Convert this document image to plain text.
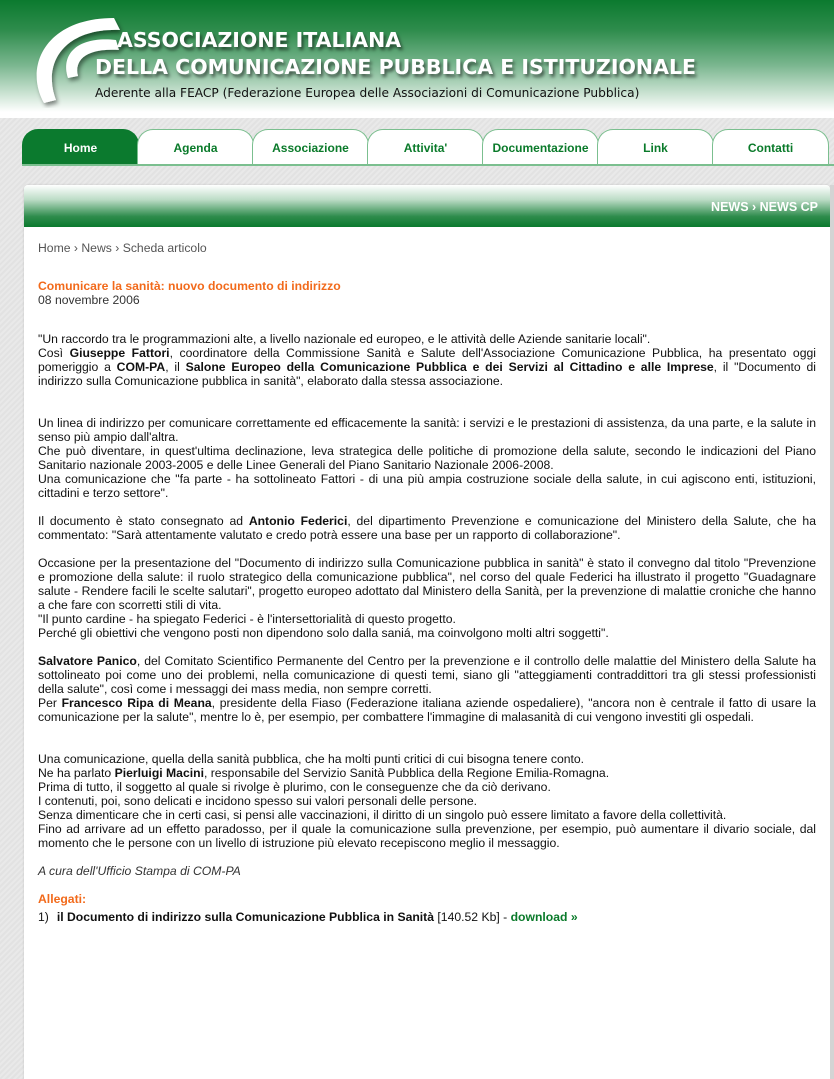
ASSOCIAZIONE ITALIANA
DELLA COMUNICAZIONE PUBBLICA E ISTITUZIONALE
Aderente alla FEACP (Federazione Europea delle Associazioni di Comunicazione Pubblica)
Home	Agenda	Associazione	Attivita'	Documentazione	Link	Contatti
NEWS › NEWS CP
Home › News › Scheda articolo
Comunicare la sanità: nuovo documento di indirizzo
08 novembre 2006
"Un raccordo tra le programmazioni alte, a livello nazionale ed europeo, e le attività delle Aziende sanitarie locali".
Così Giuseppe Fattori, coordinatore della Commissione Sanità e Salute dell'Associazione Comunicazione Pubblica, ha presentato oggi pomeriggio a COM-PA, il Salone Europeo della Comunicazione Pubblica e dei Servizi al Cittadino e alle Imprese, il "Documento di indirizzo sulla Comunicazione pubblica in sanità", elaborato dalla stessa associazione.
Un linea di indirizzo per comunicare correttamente ed efficacemente la sanità: i servizi e le prestazioni di assistenza, da una parte, e la salute in senso più ampio dall'altra.
Che può diventare, in quest'ultima declinazione, leva strategica delle politiche di promozione della salute, secondo le indicazioni del Piano Sanitario nazionale 2003-2005 e delle Linee Generali del Piano Sanitario Nazionale 2006-2008.
Una comunicazione che "fa parte - ha sottolineato Fattori - di una più ampia costruzione sociale della salute, in cui agiscono enti, istituzioni, cittadini e terzo settore".
Il documento è stato consegnato ad Antonio Federici, del dipartimento Prevenzione e comunicazione del Ministero della Salute, che ha commentato: "Sarà attentamente valutato e credo potrà essere una base per un rapporto di collaborazione".
Occasione per la presentazione del "Documento di indirizzo sulla Comunicazione pubblica in sanità" è stato il convegno dal titolo "Prevenzione e promozione della salute: il ruolo strategico della comunicazione pubblica", nel corso del quale Federici ha illustrato il progetto "Guadagnare salute - Rendere facili le scelte salutari", progetto europeo adottato dal Ministero della Sanità, per la prevenzione di malattie croniche che hanno a che fare con scorretti stili di vita.
"Il punto cardine - ha spiegato Federici - è l'intersettorialità di questo progetto.
Perché gli obiettivi che vengono posti non dipendono solo dalla saniá, ma coinvolgono molti altri soggetti".
Salvatore Panico, del Comitato Scientifico Permanente del Centro per la prevenzione e il controllo delle malattie del Ministero della Salute ha sottolineato poi come uno dei problemi, nella comunicazione di questi temi, siano gli "atteggiamenti contraddittori tra gli stessi professionisti della salute", così come i messaggi dei mass media, non sempre corretti.
Per Francesco Ripa di Meana, presidente della Fiaso (Federazione italiana aziende ospedaliere), "ancora non è centrale il fatto di usare la comunicazione per la salute", mentre lo è, per esempio, per combattere l'immagine di malasanità di cui vengono investiti gli ospedali.
Una comunicazione, quella della sanità pubblica, che ha molti punti critici di cui bisogna tenere conto.
Ne ha parlato Pierluigi Macini, responsabile del Servizio Sanità Pubblica della Regione Emilia-Romagna.
Prima di tutto, il soggetto al quale si rivolge è plurimo, con le conseguenze che da ciò derivano.
I contenuti, poi, sono delicati e incidono spesso sui valori personali delle persone.
Senza dimenticare che in certi casi, si pensi alle vaccinazioni, il diritto di un singolo può essere limitato a favore della collettività.
Fino ad arrivare ad un effetto paradosso, per il quale la comunicazione sulla prevenzione, per esempio, può aumentare il divario sociale, dal momento che le persone con un livello di istruzione più elevato recepiscono meglio il messaggio.
A cura dell'Ufficio Stampa di COM-PA
Allegati:
1) il Documento di indirizzo sulla Comunicazione Pubblica in Sanità [140.52 Kb] - download »
